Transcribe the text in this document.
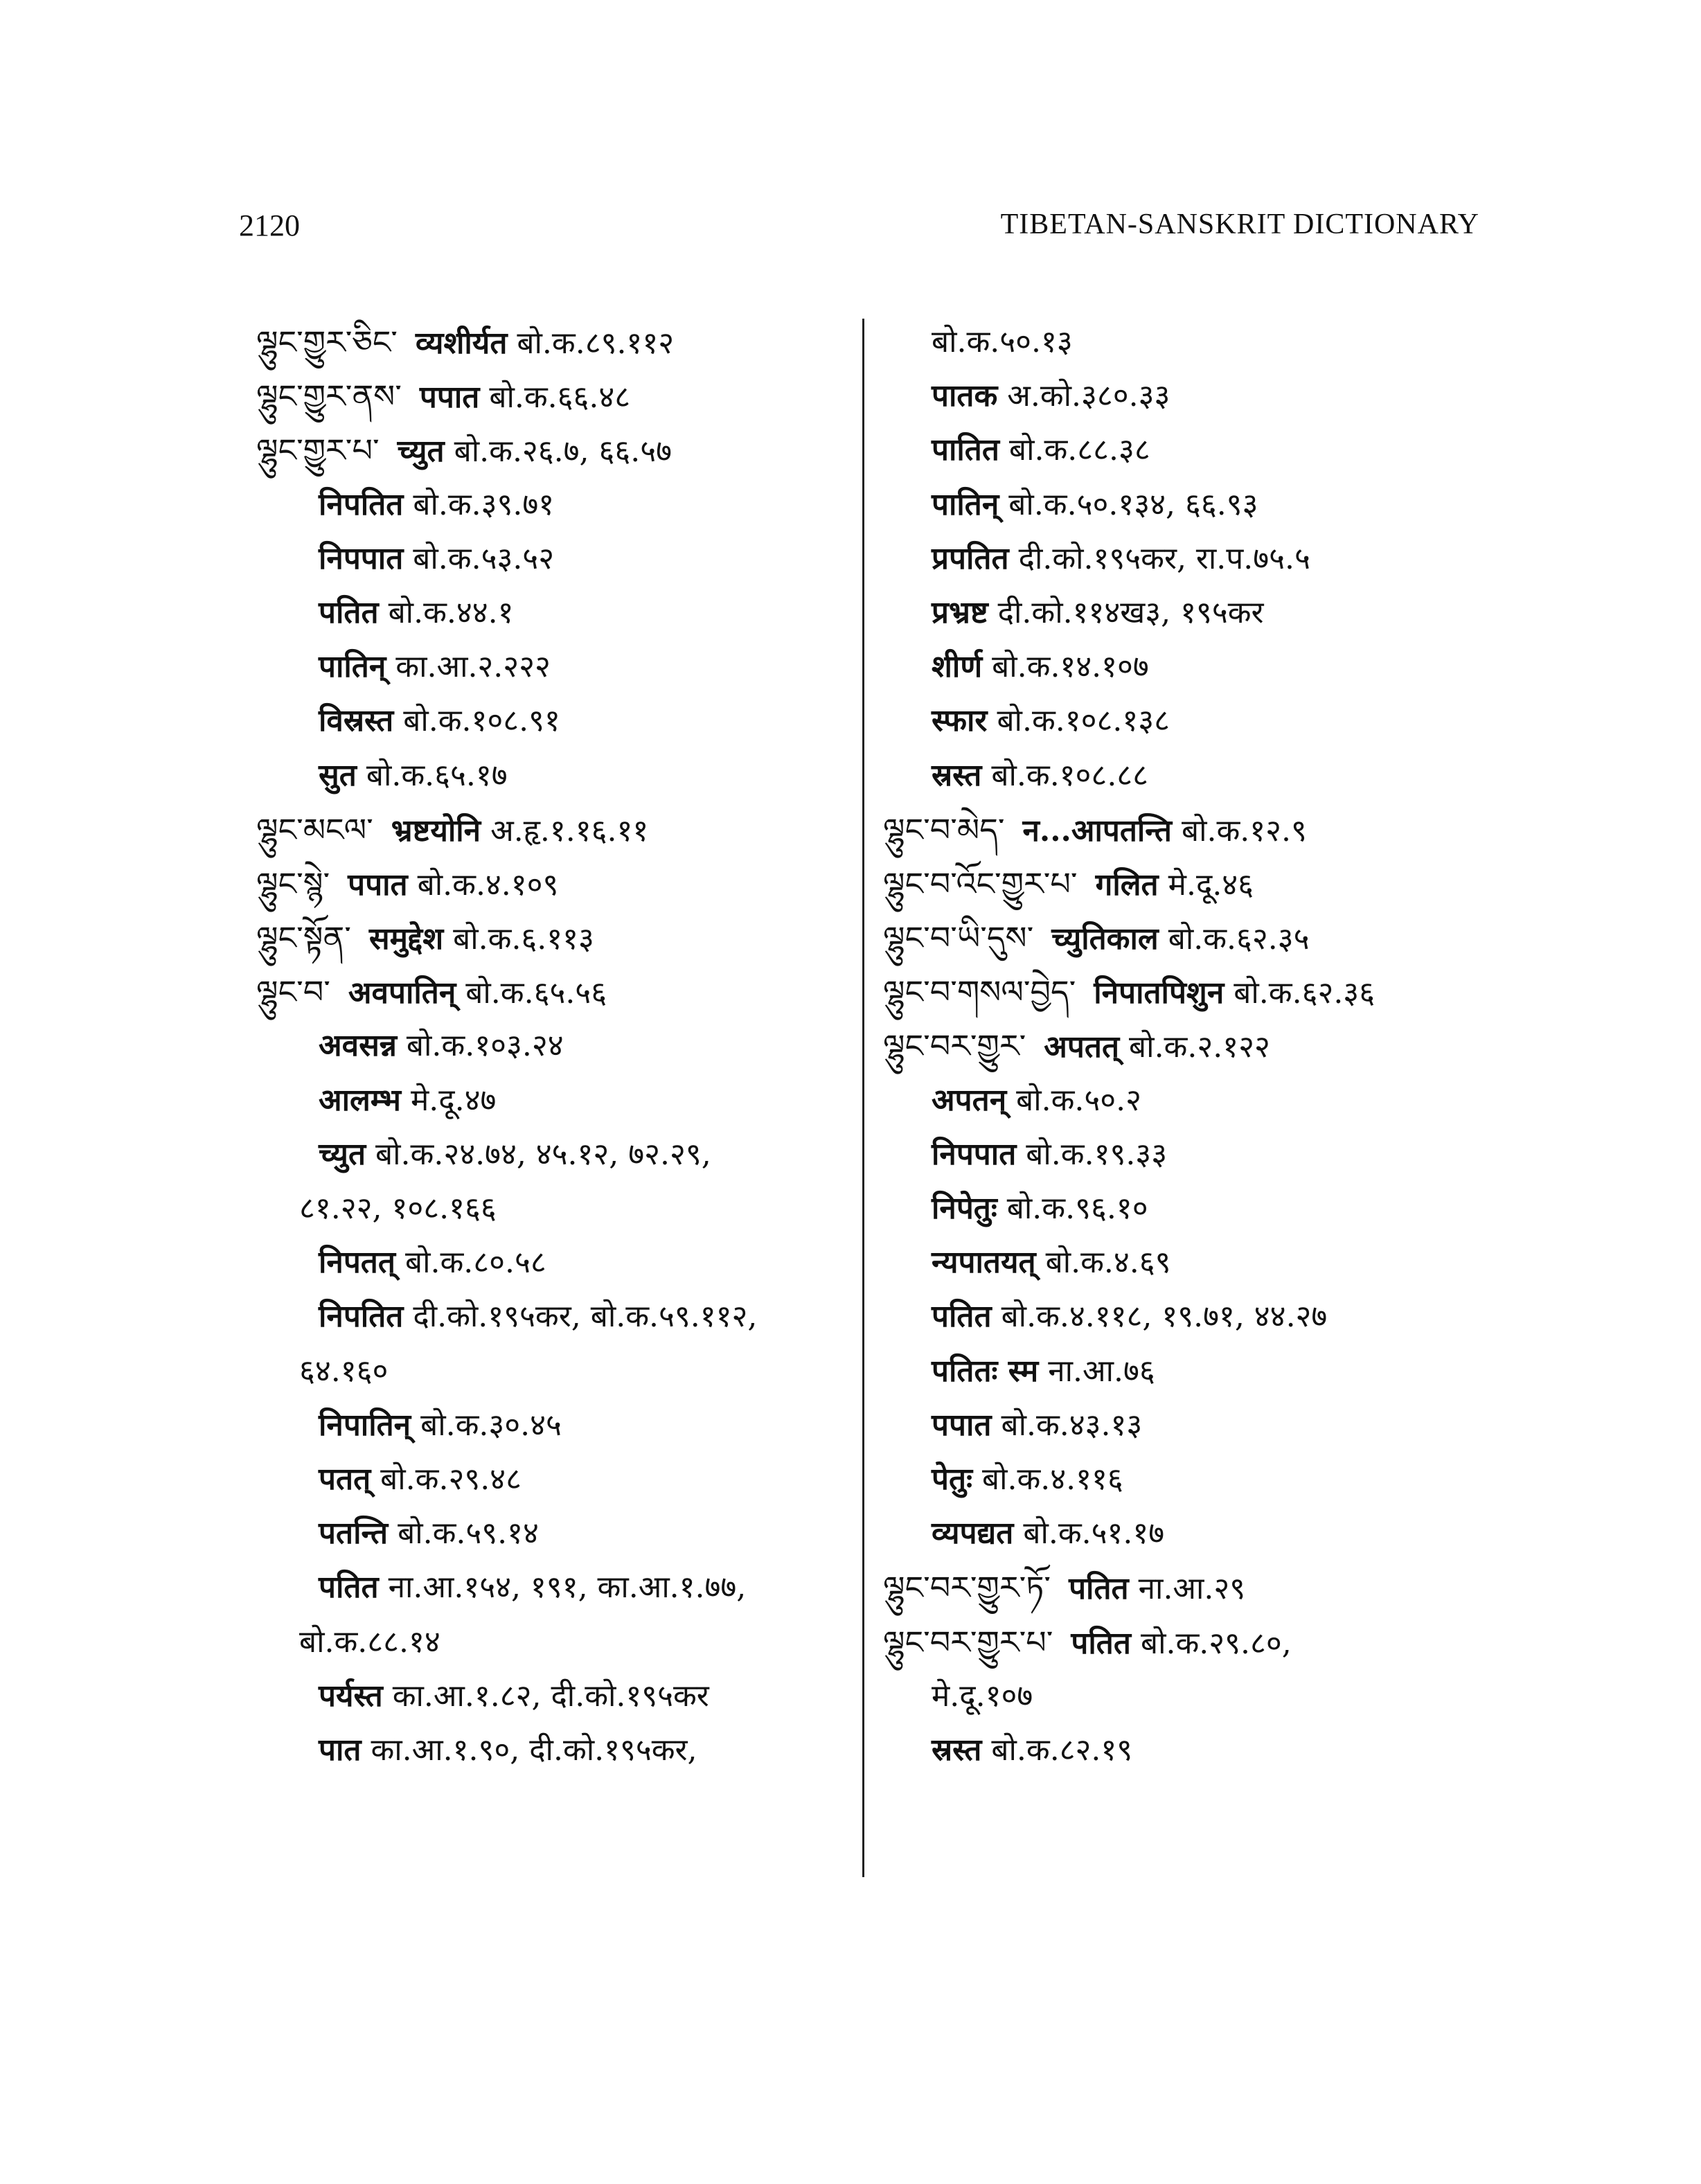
2120	TIBETAN-SANSKRIT DICTIONARY
ལྷུང་གྱུར་ཅིང་ व्यशीर्यत बो.क.८९.११२
ལྷུང་གྱུར་ནས་ पपात बो.क.६६.४८
ལྷུང་གྱུར་པ་ च्युत बो.क.२६.७, ६६.५७
निपतित बो.क.३९.७१
निपपात बो.क.५३.५२
पतित बो.क.४४.१
पातिन् का.आ.२.२२२
विस्रस्त बो.क.१०८.९१
सुत बो.क.६५.१७
ལྷུང་མངལ་ भ्रष्टयोनि अ.हृ.१.१६.११
ལྷུང་སྙེ་ पपात बो.क.४.१०९
ལྷུང་སྟོན་ समुद्देश बो.क.६.११३
ལྷུང་བ་ अवपातिन् बो.क.६५.५६
अवसन्न बो.क.१०३.२४
आलम्भ मे.दू.४७
च्युत बो.क.२४.७४, ४५.१२, ७२.२९,
८१.२२, १०८.१६६
निपतत् बो.क.८०.५८
निपतित दी.को.१९५कर, बो.क.५९.११२,
६४.१६०
निपातिन् बो.क.३०.४५
पतत् बो.क.२९.४८
पतन्ति बो.क.५९.१४
पतित ना.आ.१५४, १९१, का.आ.१.७७,
बो.क.८८.१४
पर्यस्त का.आ.१.८२, दी.को.१९५कर
पात का.आ.१.९०, दी.को.१९५कर,
बो.क.५०.१३
पातक अ.को.३८०.३३
पातित बो.क.८८.३८
पातिन् बो.क.५०.१३४, ६६.९३
प्रपतित दी.को.१९५कर, रा.प.७५.५
प्रभ्रष्ट दी.को.११४ख३, १९५कर
शीर्ण बो.क.१४.१०७
स्फार बो.क.१०८.१३८
स्रस्त बो.क.१०८.८८
ལྷུང་བ་མེད་ न...आपतन्ति बो.क.१२.९
ལྷུང་བ་འོང་གྱུར་པ་ गलित मे.दू.४६
ལྷུང་བ་ཡི་དུས་ च्युतिकाल बो.क.६२.३५
ལྷུང་བ་གསལ་བྱེད་ निपातपिशुन बो.क.६२.३६
ལྷུང་བར་གྱུར་ अपतत् बो.क.२.१२२
अपतन् बो.क.५०.२
निपपात बो.क.१९.३३
निपेतुः बो.क.९६.१०
न्यपातयत् बो.क.४.६९
पतित बो.क.४.११८, १९.७१, ४४.२७
पतितः स्म ना.आ.७६
पपात बो.क.४३.१३
पेतुः बो.क.४.११६
व्यपद्यत बो.क.५१.१७
ལྷུང་བར་གྱུར་ཏོ་ पतित ना.आ.२९
ལྷུང་བར་གྱུར་པ་ पतित बो.क.२९.८०,
मे.दू.१०७
स्रस्त बो.क.८२.१९
